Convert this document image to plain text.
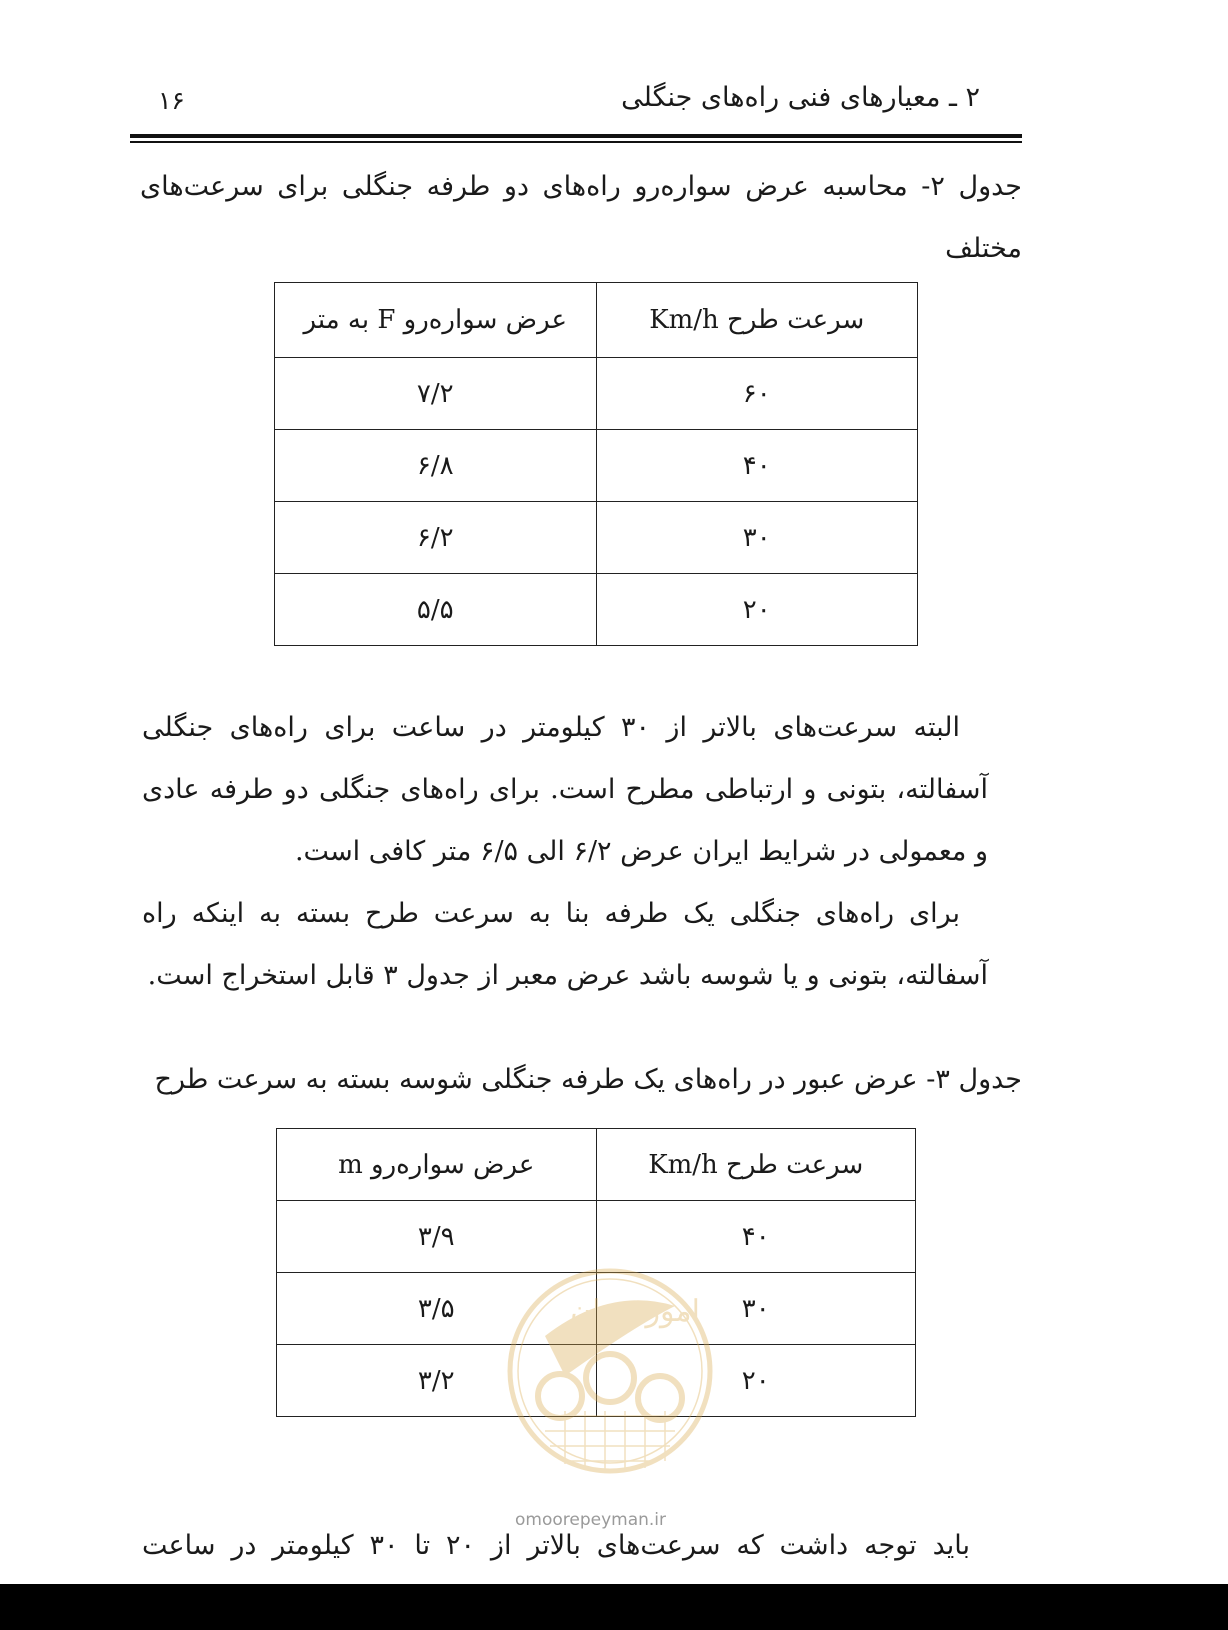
۲ ـ معیارهای فنی راه‌های جنگلی
۱۶
جدول ۲- محاسبه عرض سواره‌رو راه‌های دو طرفه جنگلی برای سرعت‌های مختلف
سرعت طرح Km/h	عرض سواره‌رو F به متر
۶۰	۷/۲
۴۰	۶/۸
۳۰	۶/۲
۲۰	۵/۵

البته سرعت‌های بالاتر از ۳۰ کیلومتر در ساعت برای راه‌های جنگلی آسفالته، بتونی و ارتباطی مطرح است. برای راه‌های جنگلی دو طرفه عادی و معمولی در شرایط ایران عرض ۶/۲ الی ۶/۵ متر کافی است.

برای راه‌های جنگلی یک طرفه بنا به سرعت طرح بسته به اینکه راه آسفالته، بتونی و یا شوسه باشد عرض معبر از جدول ۳ قابل استخراج است.

جدول ۳- عرض عبور در راه‌های یک طرفه جنگلی شوسه بسته به سرعت طرح
سرعت طرح Km/h	عرض سواره‌رو m
۴۰	۳/۹
۳۰	۳/۵
۲۰	۳/۲
امور پیمان
omoorepeyman.ir
باید توجه داشت که سرعت‌های بالاتر از ۲۰ تا ۳۰ کیلومتر در ساعت
